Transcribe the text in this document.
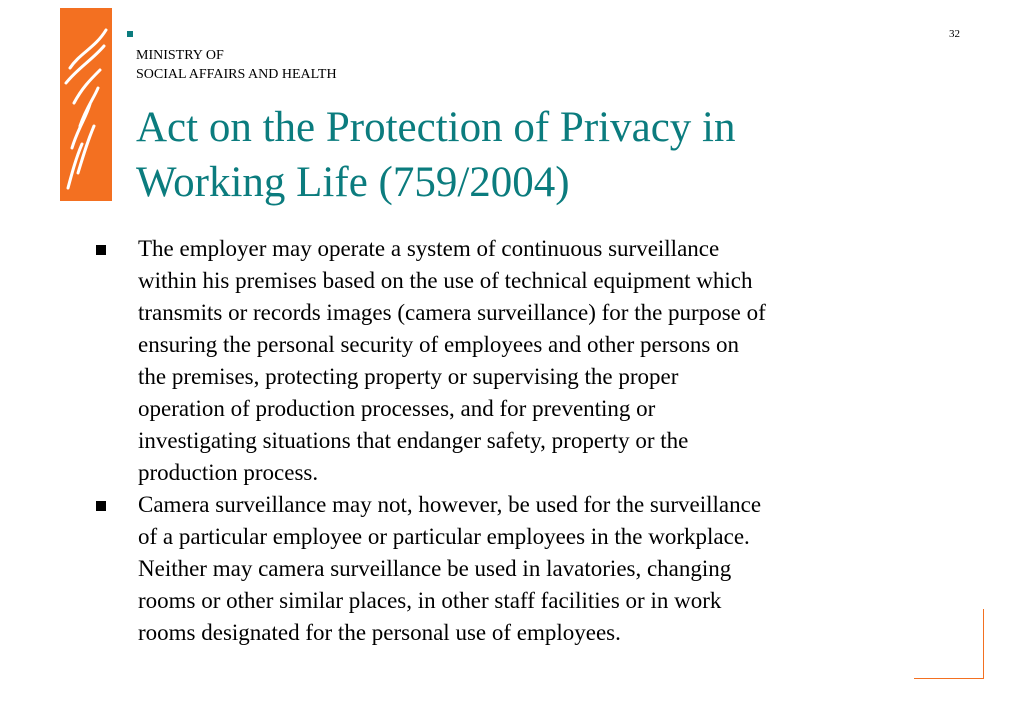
MINISTRY OF
SOCIAL AFFAIRS AND HEALTH
32
Act on the Protection of Privacy in
Working Life (759/2004)
The employer may operate a system of continuous surveillance
within his premises based on the use of technical equipment which
transmits or records images (camera surveillance) for the purpose of
ensuring the personal security of employees and other persons on
the premises, protecting property or supervising the proper
operation of production processes, and for preventing or
investigating situations that endanger safety, property or the
production process.
Camera surveillance may not, however, be used for the surveillance
of a particular employee or particular employees in the workplace.
Neither may camera surveillance be used in lavatories, changing
rooms or other similar places, in other staff facilities or in work
rooms designated for the personal use of employees.
